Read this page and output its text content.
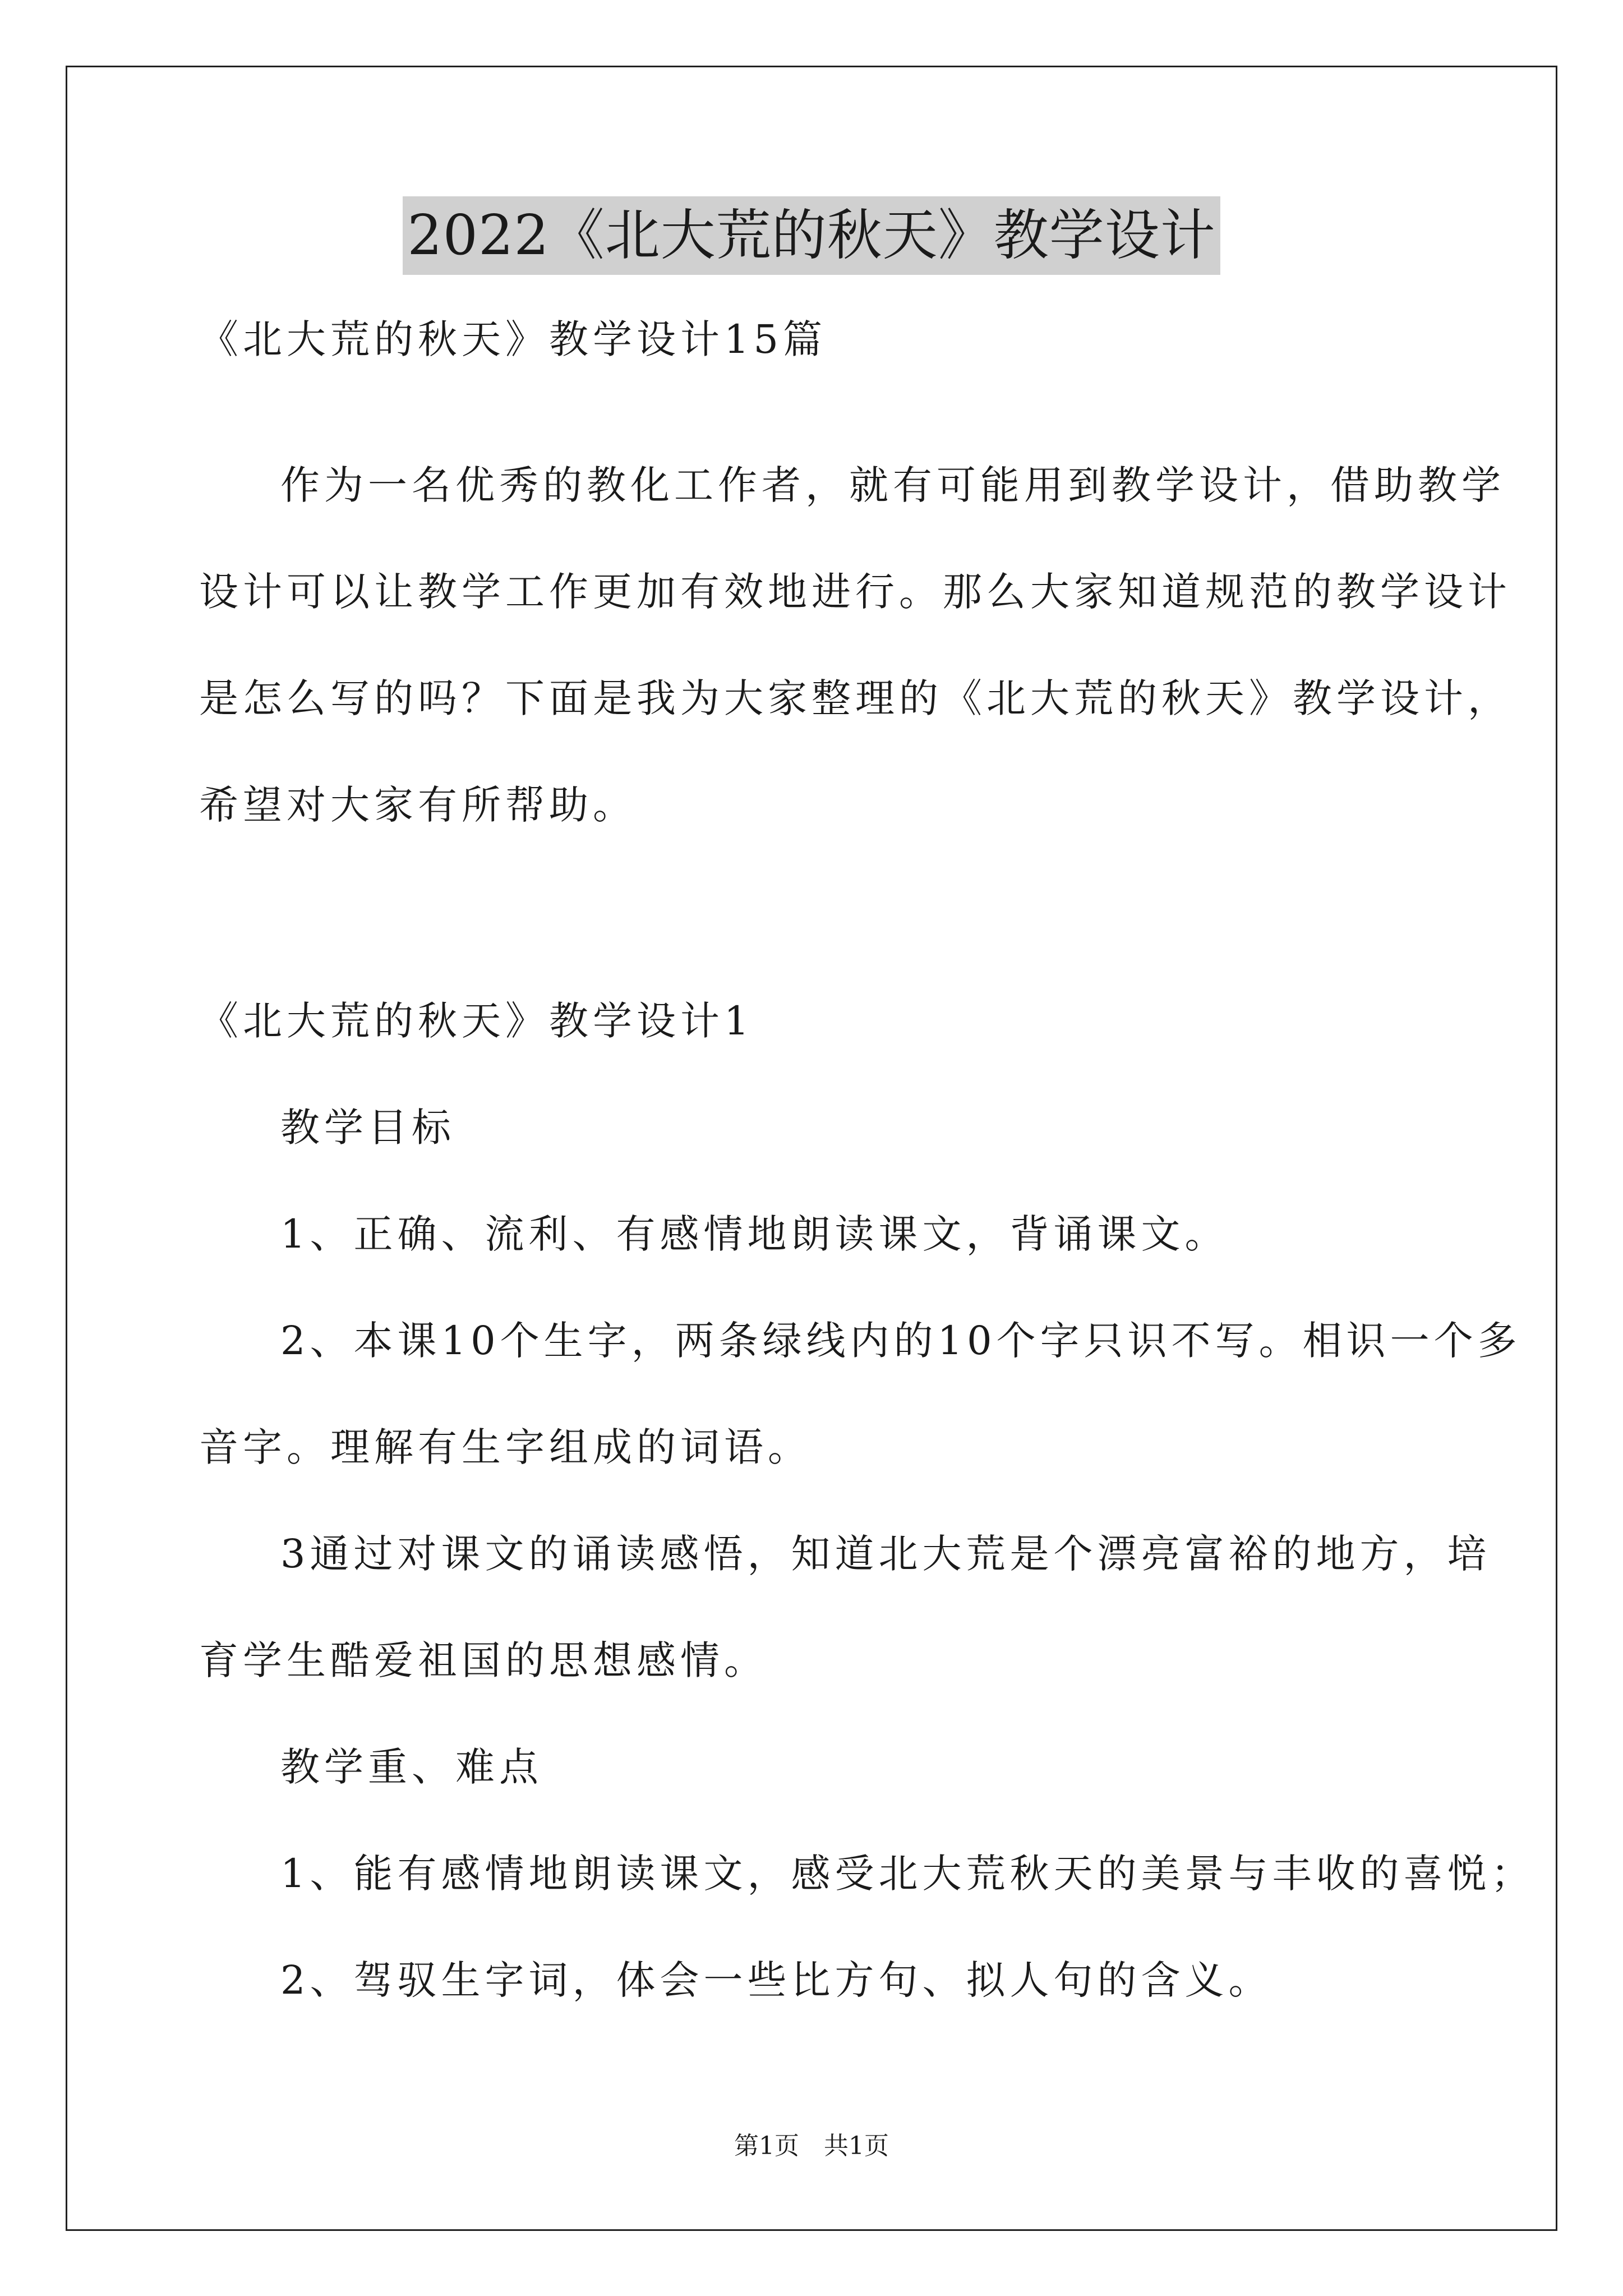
2022《北大荒的秋天》教学设计
《北大荒的秋天》教学设计15篇
作为一名优秀的教化工作者，就有可能用到教学设计，借助教学
设计可以让教学工作更加有效地进行。那么大家知道规范的教学设计
是怎么写的吗？下面是我为大家整理的《北大荒的秋天》教学设计，
希望对大家有所帮助。
《北大荒的秋天》教学设计1
教学目标
1、正确、流利、有感情地朗读课文，背诵课文。
2、本课10个生字，两条绿线内的10个字只识不写。相识一个多
音字。理解有生字组成的词语。
3通过对课文的诵读感悟，知道北大荒是个漂亮富裕的地方，培
育学生酷爱祖国的思想感情。
教学重、难点
1、能有感情地朗读课文，感受北大荒秋天的美景与丰收的喜悦；
2、驾驭生字词，体会一些比方句、拟人句的含义。
第1页　共1页
